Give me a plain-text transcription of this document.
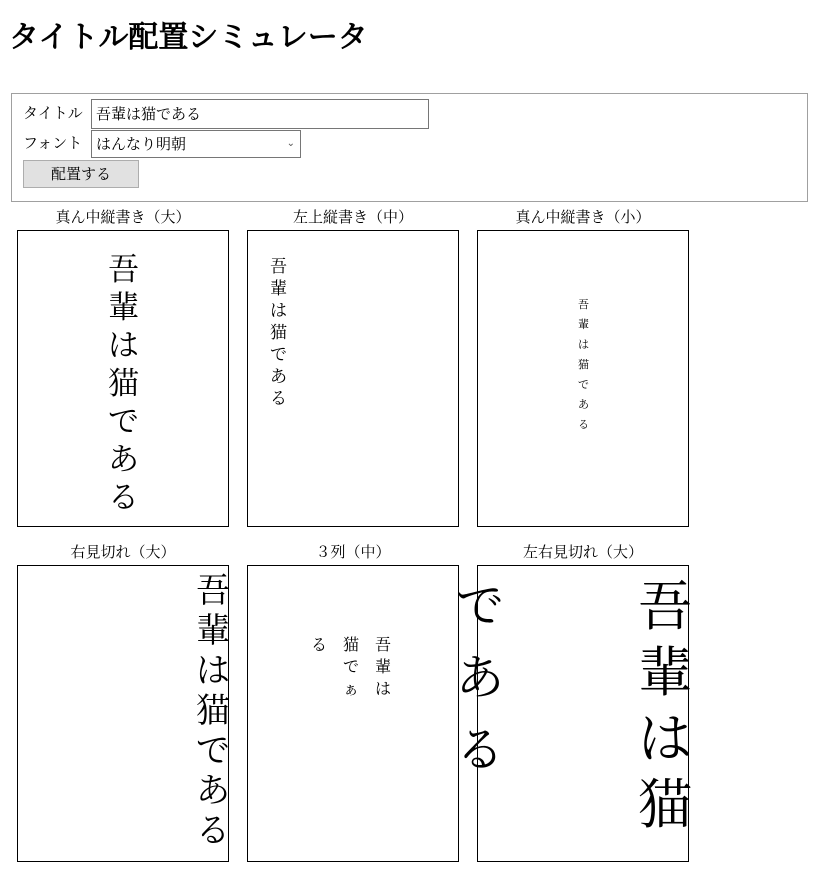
タイトル配置シミュレータ
タイトル 吾輩は猫である
フォント はんなり明朝	⌄
配置する
真ん中縦書き（大）
吾
輩
は
猫
で
あ
る
左上縦書き（中）
吾
輩
は
猫
で
あ
る
真ん中縦書き（小）
吾
輩
は
猫
で
あ
る
右見切れ（大）
吾
輩
は
猫
で
あ
る
３列（中）
吾
輩
は
猫
で
ぁ
る
左右見切れ（大）
吾
輩
は
猫
で
あ
る
